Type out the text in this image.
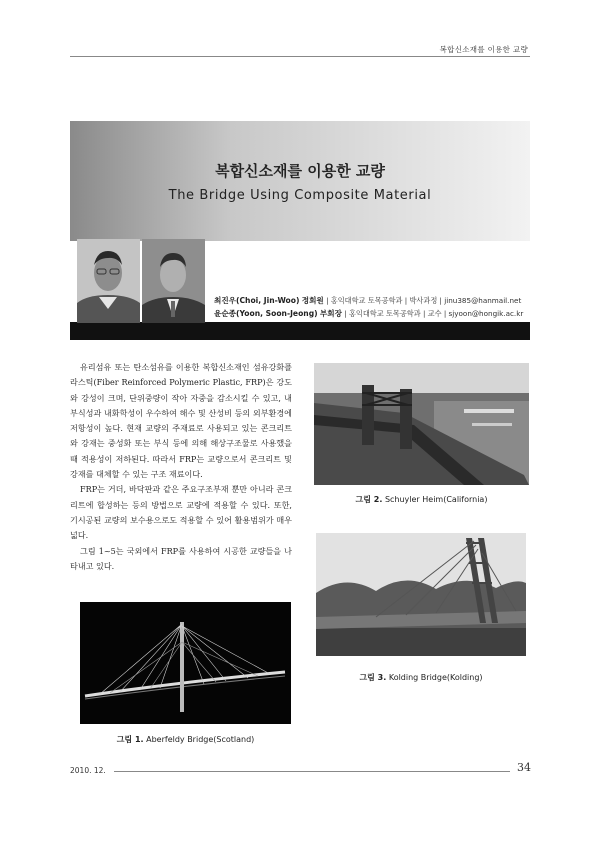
복합신소재를 이용한 교량
복합신소재를 이용한 교량
The Bridge Using Composite Material
최진우(Choi, Jin-Woo) 정회원 | 홍익대학교 토목공학과 | 박사과정 | jinu385@hanmail.net
윤순종(Yoon, Soon-Jeong) 부회장 | 홍익대학교 토목공학과 | 교수 | sjyoon@hongik.ac.kr

유리섬유 또는 탄소섬유를 이용한 복합신소재인 섬유강화플라스틱(Fiber Reinforced Polymeric Plastic, FRP)은 강도와 강성이 크며, 단위중량이 작아 자중을 감소시킬 수 있고, 내부식성과 내화학성이 우수하여 해수 및 산성비 등의 외부환경에 저항성이 높다. 현재 교량의 주재료로 사용되고 있는 콘크리트와 강재는 중성화 또는 부식 등에 의해 해상구조물로 사용했을 때 적용성이 저하된다. 따라서 FRP는 교량으로서 콘크리트 및 강재를 대체할 수 있는 구조 재료이다.

FRP는 거더, 바닥판과 같은 주요구조부재 뿐만 아니라 콘크리트에 합성하는 등의 방법으로 교량에 적용할 수 있다. 또한, 기시공된 교량의 보수용으로도 적용할 수 있어 활용범위가 매우 넓다.

그림 1~5는 국외에서 FRP를 사용하여 시공한 교량들을 나타내고 있다.

그림 2. Schuyler Heim(California)
그림 3. Kolding Bridge(Kolding)
그림 1. Aberfeldy Bridge(Scotland)
2010. 12.	34
